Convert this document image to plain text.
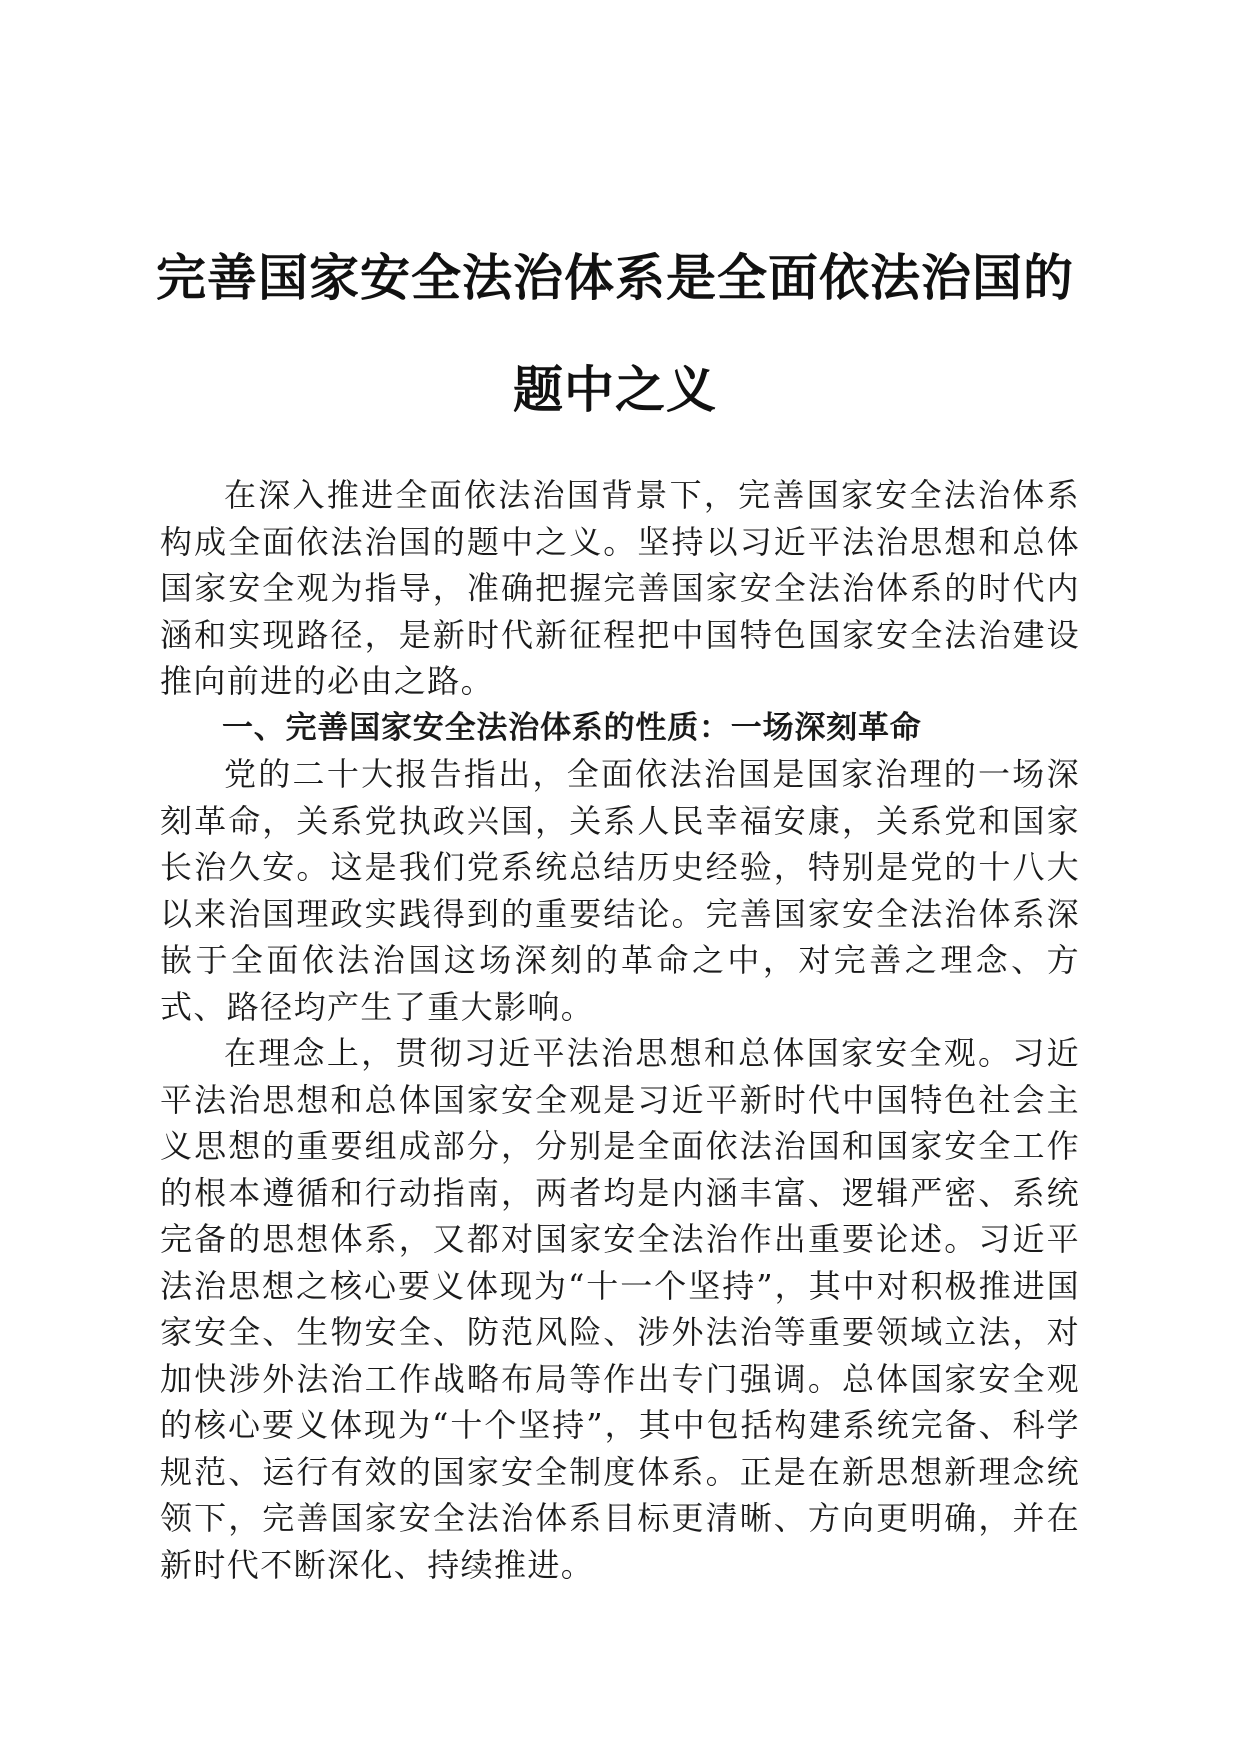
完善国家安全法治体系是全面依法治国的题中之义

在深入推进全面依法治国背景下，完善国家安全法治体系构成全面依法治国的题中之义。坚持以习近平法治思想和总体国家安全观为指导，准确把握完善国家安全法治体系的时代内涵和实现路径，是新时代新征程把中国特色国家安全法治建设推向前进的必由之路。

一、完善国家安全法治体系的性质：一场深刻革命

党的二十大报告指出，全面依法治国是国家治理的一场深刻革命，关系党执政兴国，关系人民幸福安康，关系党和国家长治久安。这是我们党系统总结历史经验，特别是党的十八大以来治国理政实践得到的重要结论。完善国家安全法治体系深嵌于全面依法治国这场深刻的革命之中，对完善之理念、方式、路径均产生了重大影响。

在理念上，贯彻习近平法治思想和总体国家安全观。习近平法治思想和总体国家安全观是习近平新时代中国特色社会主义思想的重要组成部分，分别是全面依法治国和国家安全工作的根本遵循和行动指南，两者均是内涵丰富、逻辑严密、系统完备的思想体系，又都对国家安全法治作出重要论述。习近平法治思想之核心要义体现为“十一个坚持”，其中对积极推进国家安全、生物安全、防范风险、涉外法治等重要领域立法，对加快涉外法治工作战略布局等作出专门强调。总体国家安全观的核心要义体现为“十个坚持”，其中包括构建系统完备、科学规范、运行有效的国家安全制度体系。正是在新思想新理念统领下，完善国家安全法治体系目标更清晰、方向更明确，并在新时代不断深化、持续推进。
